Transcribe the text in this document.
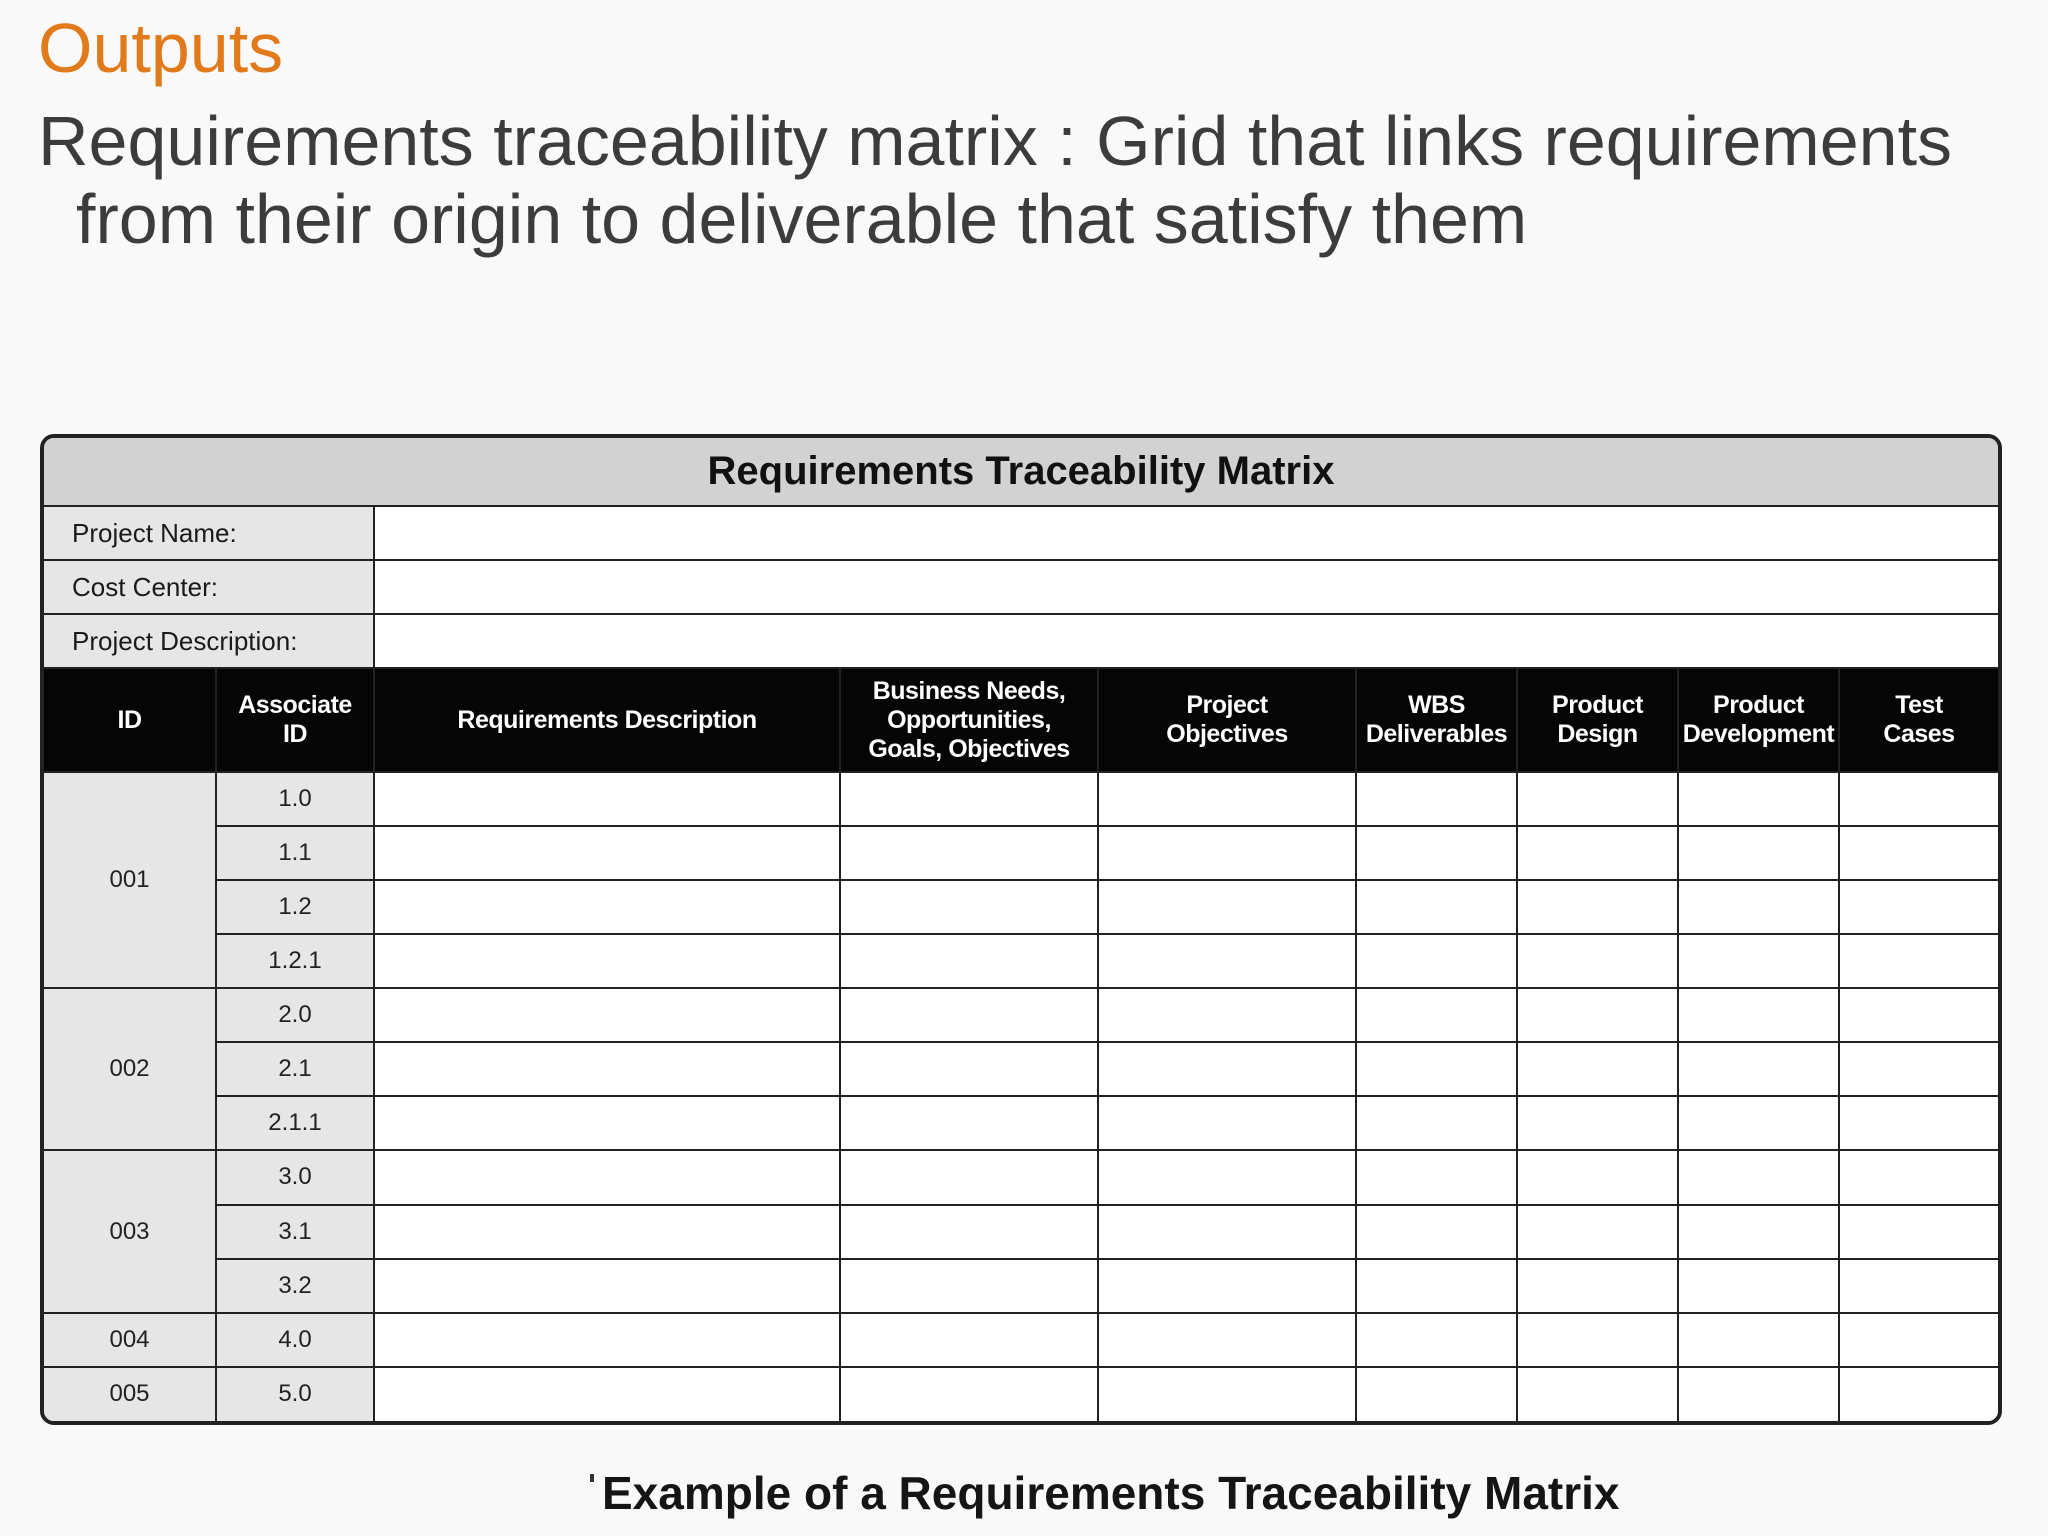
Outputs
Requirements traceability matrix : Grid that links requirements
from their origin to deliverable that satisfy them
Requirements Traceability Matrix								
Project Name:								
Cost Center:								
Project Description:								
ID	Associate ID	Requirements Description	Business Needs, Opportunities, Goals, Objectives	Project Objectives	WBS Deliverables	Product Design	Product Development	Test Cases
001	1.0							
	1.1							
	1.2							
	1.2.1							
002	2.0							
	2.1							
	2.1.1							
003	3.0							
	3.1							
	3.2							
004	4.0							
005	5.0							
Example of a Requirements Traceability Matrix
